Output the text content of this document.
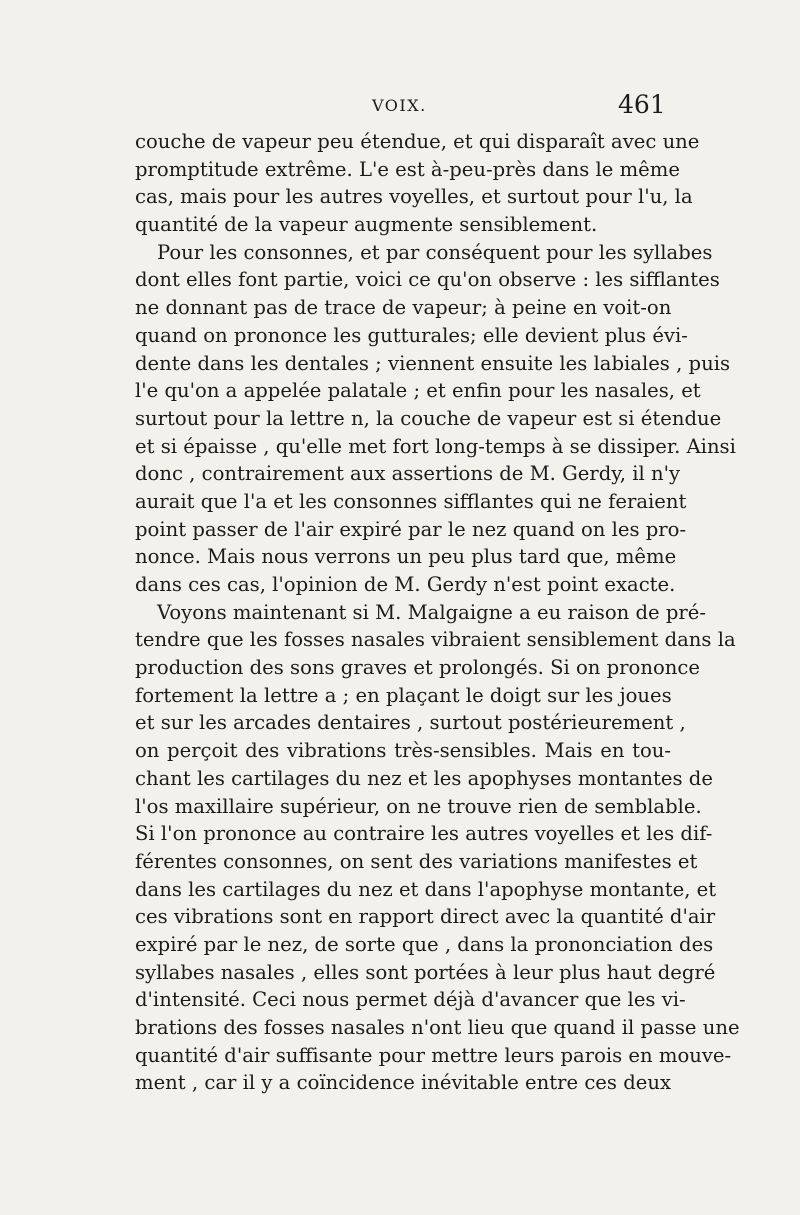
VOIX.	461
couche de vapeur peu étendue, et qui disparaît avec une
promptitude extrême. L'e est à-peu-près dans le même
cas, mais pour les autres voyelles, et surtout pour l'u, la
quantité de la vapeur augmente sensiblement.
Pour les consonnes, et par conséquent pour les syllabes
dont elles font partie, voici ce qu'on observe : les sifflantes
ne donnant pas de trace de vapeur; à peine en voit-on
quand on prononce les gutturales; elle devient plus évi-
dente dans les dentales ; viennent ensuite les labiales , puis
l'e qu'on a appelée palatale ; et enfin pour les nasales, et
surtout pour la lettre n, la couche de vapeur est si étendue
et si épaisse , qu'elle met fort long-temps à se dissiper. Ainsi
donc , contrairement aux assertions de M. Gerdy, il n'y
aurait que l'a et les consonnes sifflantes qui ne feraient
point passer de l'air expiré par le nez quand on les pro-
nonce. Mais nous verrons un peu plus tard que, même
dans ces cas, l'opinion de M. Gerdy n'est point exacte.
Voyons maintenant si M. Malgaigne a eu raison de pré-
tendre que les fosses nasales vibraient sensiblement dans la
production des sons graves et prolongés. Si on prononce
fortement la lettre a ; en plaçant le doigt sur les joues
et sur les arcades dentaires , surtout postérieurement ,
on perçoit des vibrations très-sensibles. Mais en tou-
chant les cartilages du nez et les apophyses montantes de
l'os maxillaire supérieur, on ne trouve rien de semblable.
Si l'on prononce au contraire les autres voyelles et les dif-
férentes consonnes, on sent des variations manifestes et
dans les cartilages du nez et dans l'apophyse montante, et
ces vibrations sont en rapport direct avec la quantité d'air
expiré par le nez, de sorte que , dans la prononciation des
syllabes nasales , elles sont portées à leur plus haut degré
d'intensité. Ceci nous permet déjà d'avancer que les vi-
brations des fosses nasales n'ont lieu que quand il passe une
quantité d'air suffisante pour mettre leurs parois en mouve-
ment , car il y a coïncidence inévitable entre ces deux
